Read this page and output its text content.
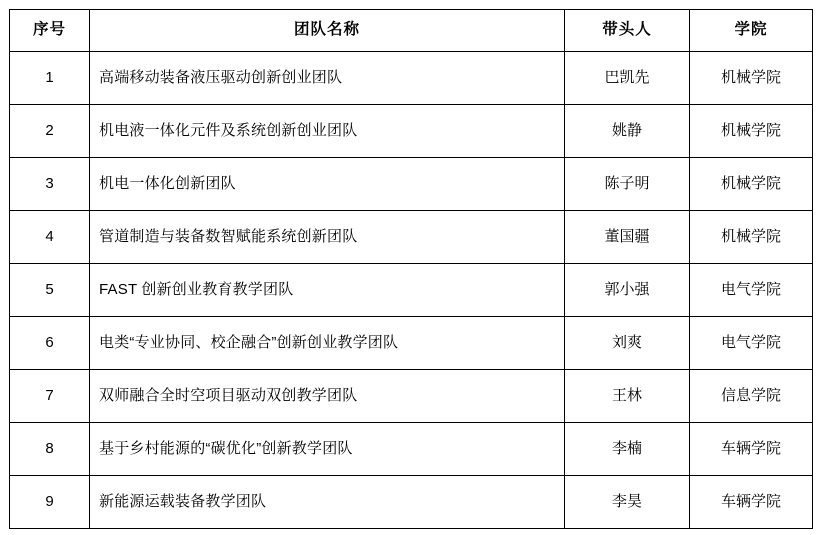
序号	团队名称	带头人	学院
1	高端移动装备液压驱动创新创业团队	巴凯先	机械学院
2	机电液一体化元件及系统创新创业团队	姚静	机械学院
3	机电一体化创新团队	陈子明	机械学院
4	管道制造与装备数智赋能系统创新团队	董国疆	机械学院
5	FAST 创新创业教育教学团队	郭小强	电气学院
6	电类“专业协同、校企融合”创新创业教学团队	刘爽	电气学院
7	双师融合全时空项目驱动双创教学团队	王林	信息学院
8	基于乡村能源的“碳优化”创新教学团队	李楠	车辆学院
9	新能源运载装备教学团队	李昊	车辆学院
